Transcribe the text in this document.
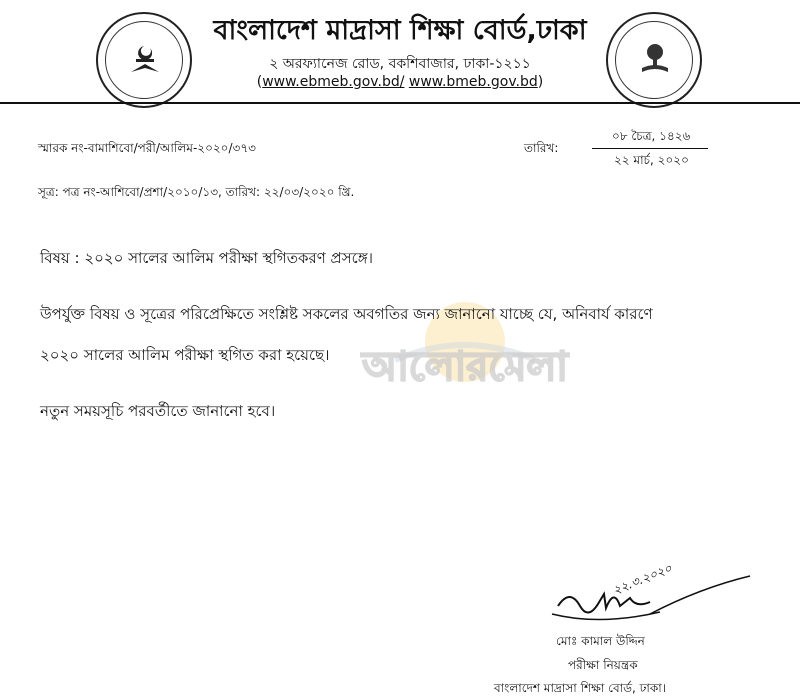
বাংলাদেশ মাদ্রাসা শিক্ষা বোর্ড,ঢাকা
২ অরফ্যানেজ রোড, বকশিবাজার, ঢাকা-১২১১
(www.ebmeb.gov.bd/ www.bmeb.gov.bd)
স্মারক নং-বামাশিবো/পরী/আলিম-২০২০/৩৭৩	তারিখ:
০৮ চৈত্র, ১৪২৬
২২ মার্চ, ২০২০
সূত্র: পত্র নং-আশিবো/প্রশা/২০১০/১৩, তারিখ: ২২/০৩/২০২০ খ্রি.
আলোরমেলা
বিষয় : ২০২০ সালের আলিম পরীক্ষা স্থগিতকরণ প্রসঙ্গে।
উপর্যুক্ত বিষয় ও সূত্রের পরিপ্রেক্ষিতে সংশ্লিষ্ট সকলের অবগতির জন্য জানানো যাচ্ছে যে, অনিবার্য কারণে
২০২০ সালের আলিম পরীক্ষা স্থগিত করা হয়েছে।
নতুন সময়সূচি পরবর্তীতে জানানো হবে।
২২.৩.২০২০
মোঃ কামাল উদ্দিন
পরীক্ষা নিয়ন্ত্রক
বাংলাদেশ মাদ্রাসা শিক্ষা বোর্ড, ঢাকা।
